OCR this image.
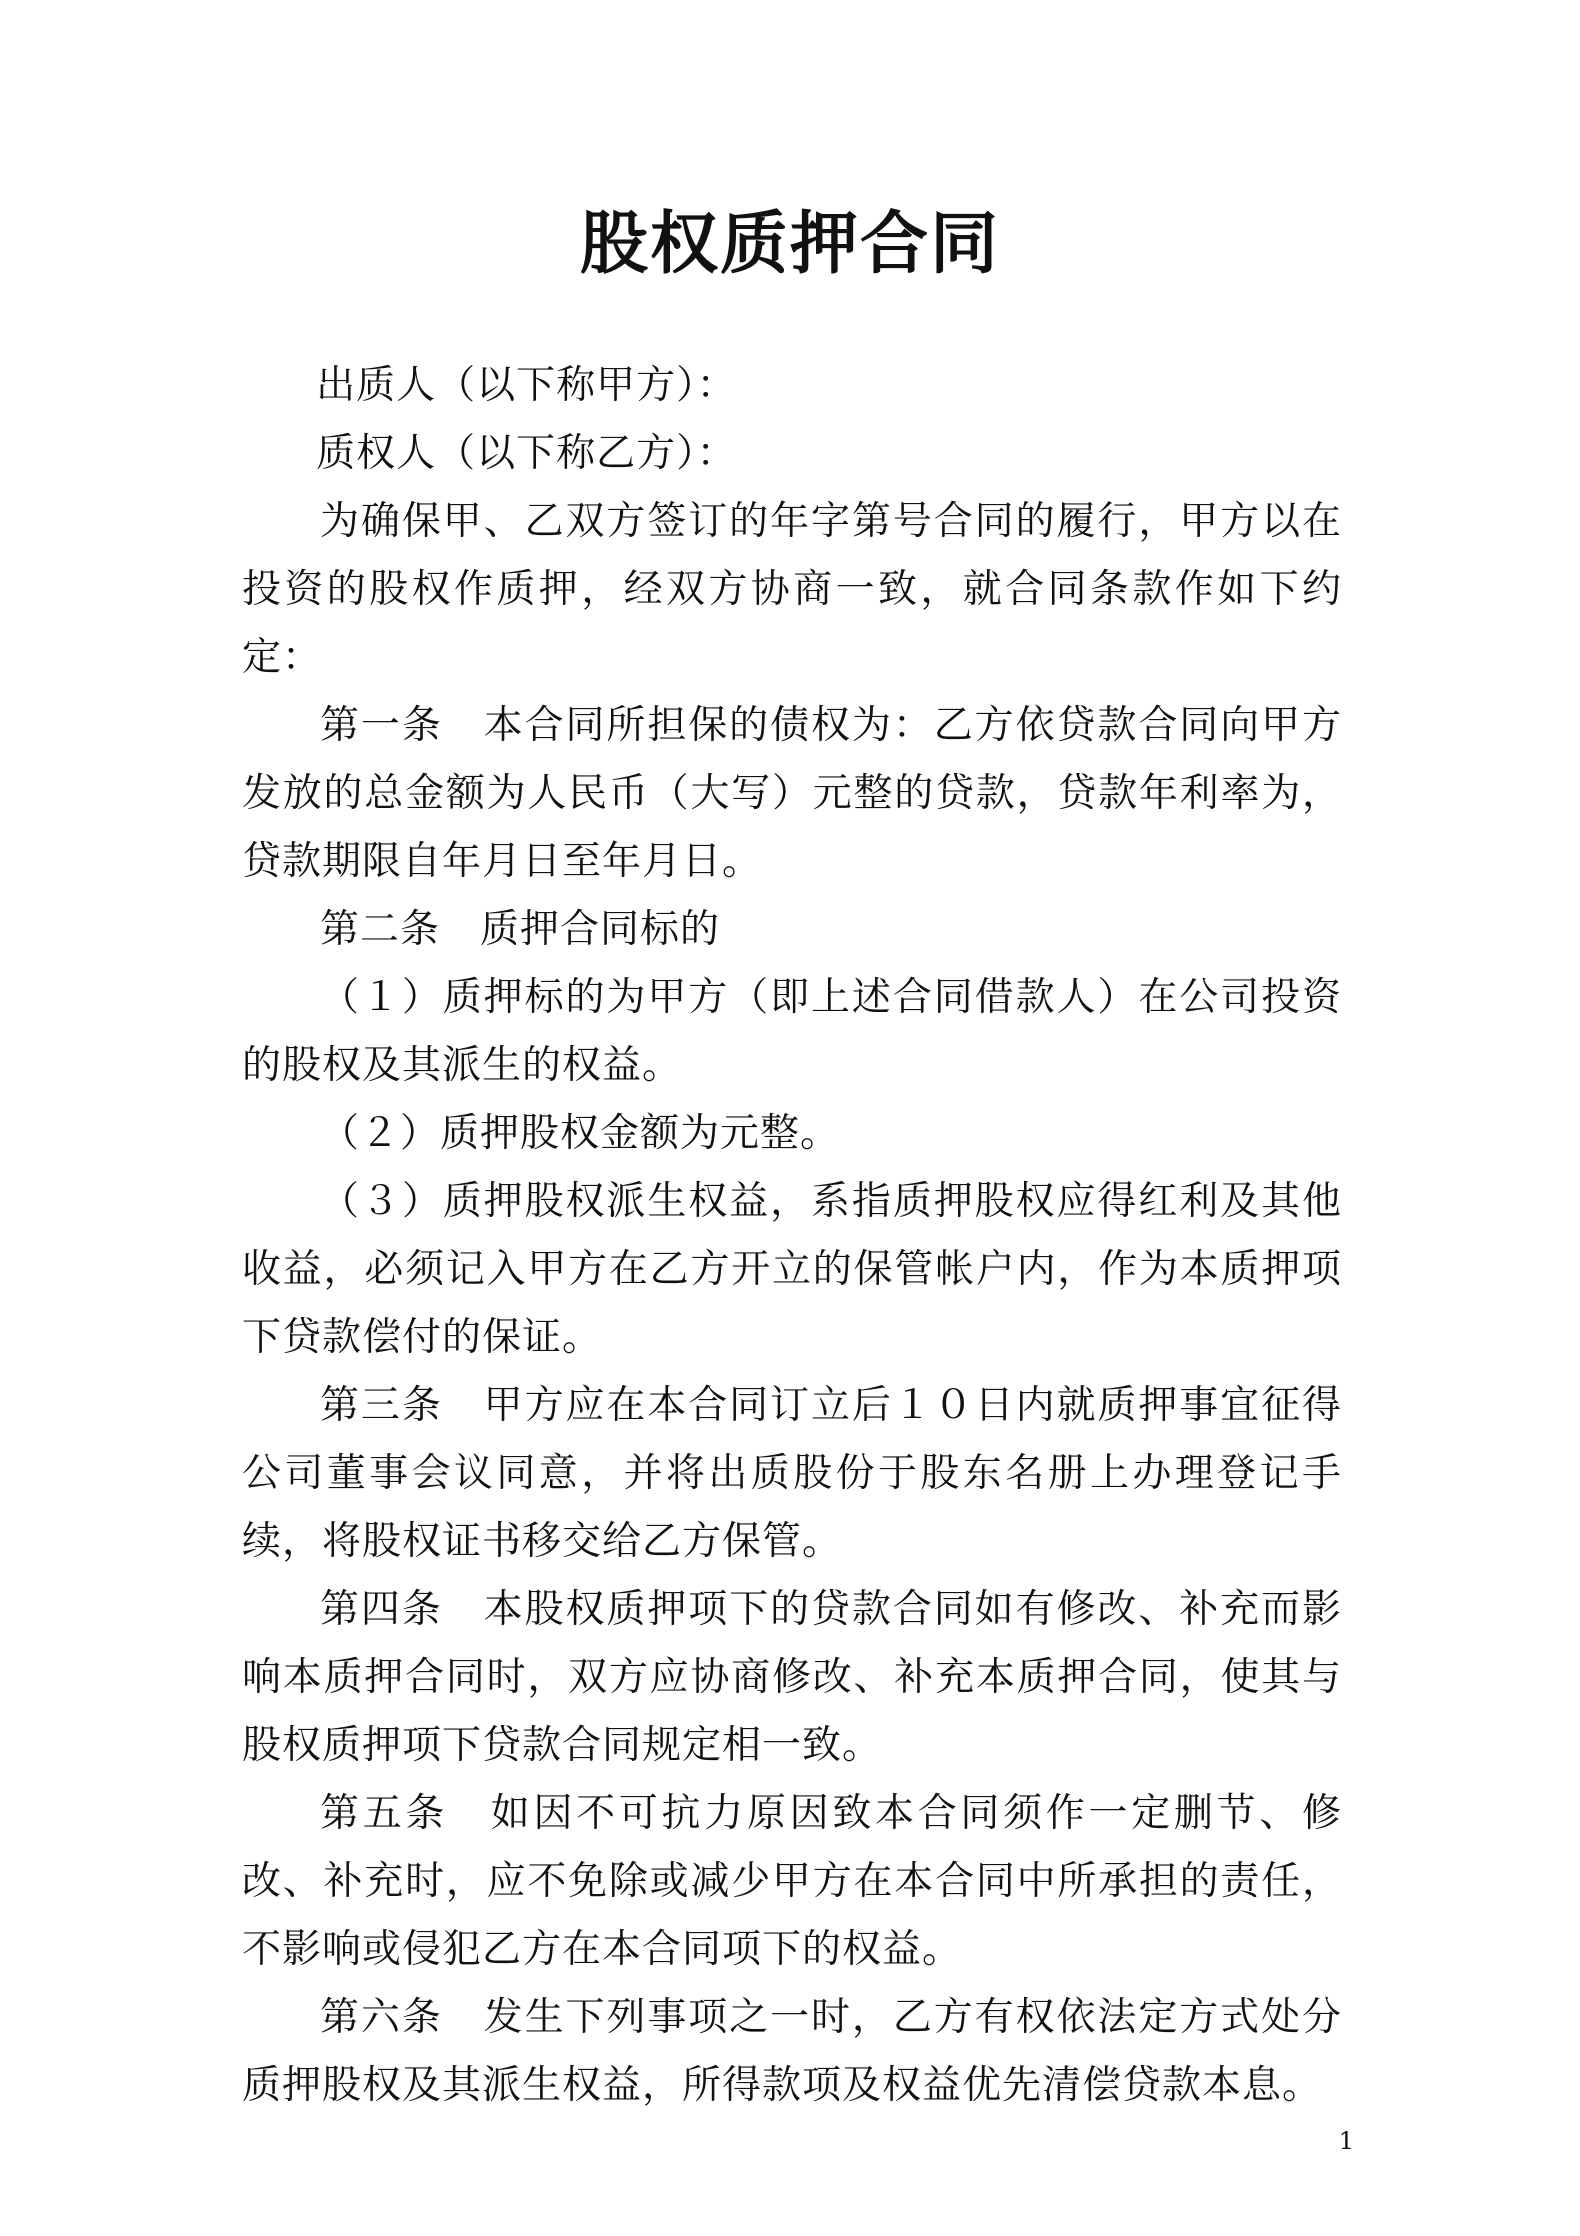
股权质押合同

出质人（以下称甲方）：

质权人（以下称乙方）：

为确保甲、乙双方签订的年字第号合同的履行，甲方以在投资的股权作质押，经双方协商一致，就合同条款作如下约定：

第一条　本合同所担保的债权为：乙方依贷款合同向甲方发放的总金额为人民币（大写）元整的贷款，贷款年利率为，贷款期限自年月日至年月日。

第二条　质押合同标的

（１）质押标的为甲方（即上述合同借款人）在公司投资的股权及其派生的权益。

（２）质押股权金额为元整。

（３）质押股权派生权益，系指质押股权应得红利及其他收益，必须记入甲方在乙方开立的保管帐户内，作为本质押项下贷款偿付的保证。

第三条　甲方应在本合同订立后１０日内就质押事宜征得公司董事会议同意，并将出质股份于股东名册上办理登记手续，将股权证书移交给乙方保管。

第四条　本股权质押项下的贷款合同如有修改、补充而影响本质押合同时，双方应协商修改、补充本质押合同，使其与股权质押项下贷款合同规定相一致。

第五条　如因不可抗力原因致本合同须作一定删节、修改、补充时，应不免除或减少甲方在本合同中所承担的责任，不影响或侵犯乙方在本合同项下的权益。

第六条　发生下列事项之一时，乙方有权依法定方式处分质押股权及其派生权益，所得款项及权益优先清偿贷款本息。

1
